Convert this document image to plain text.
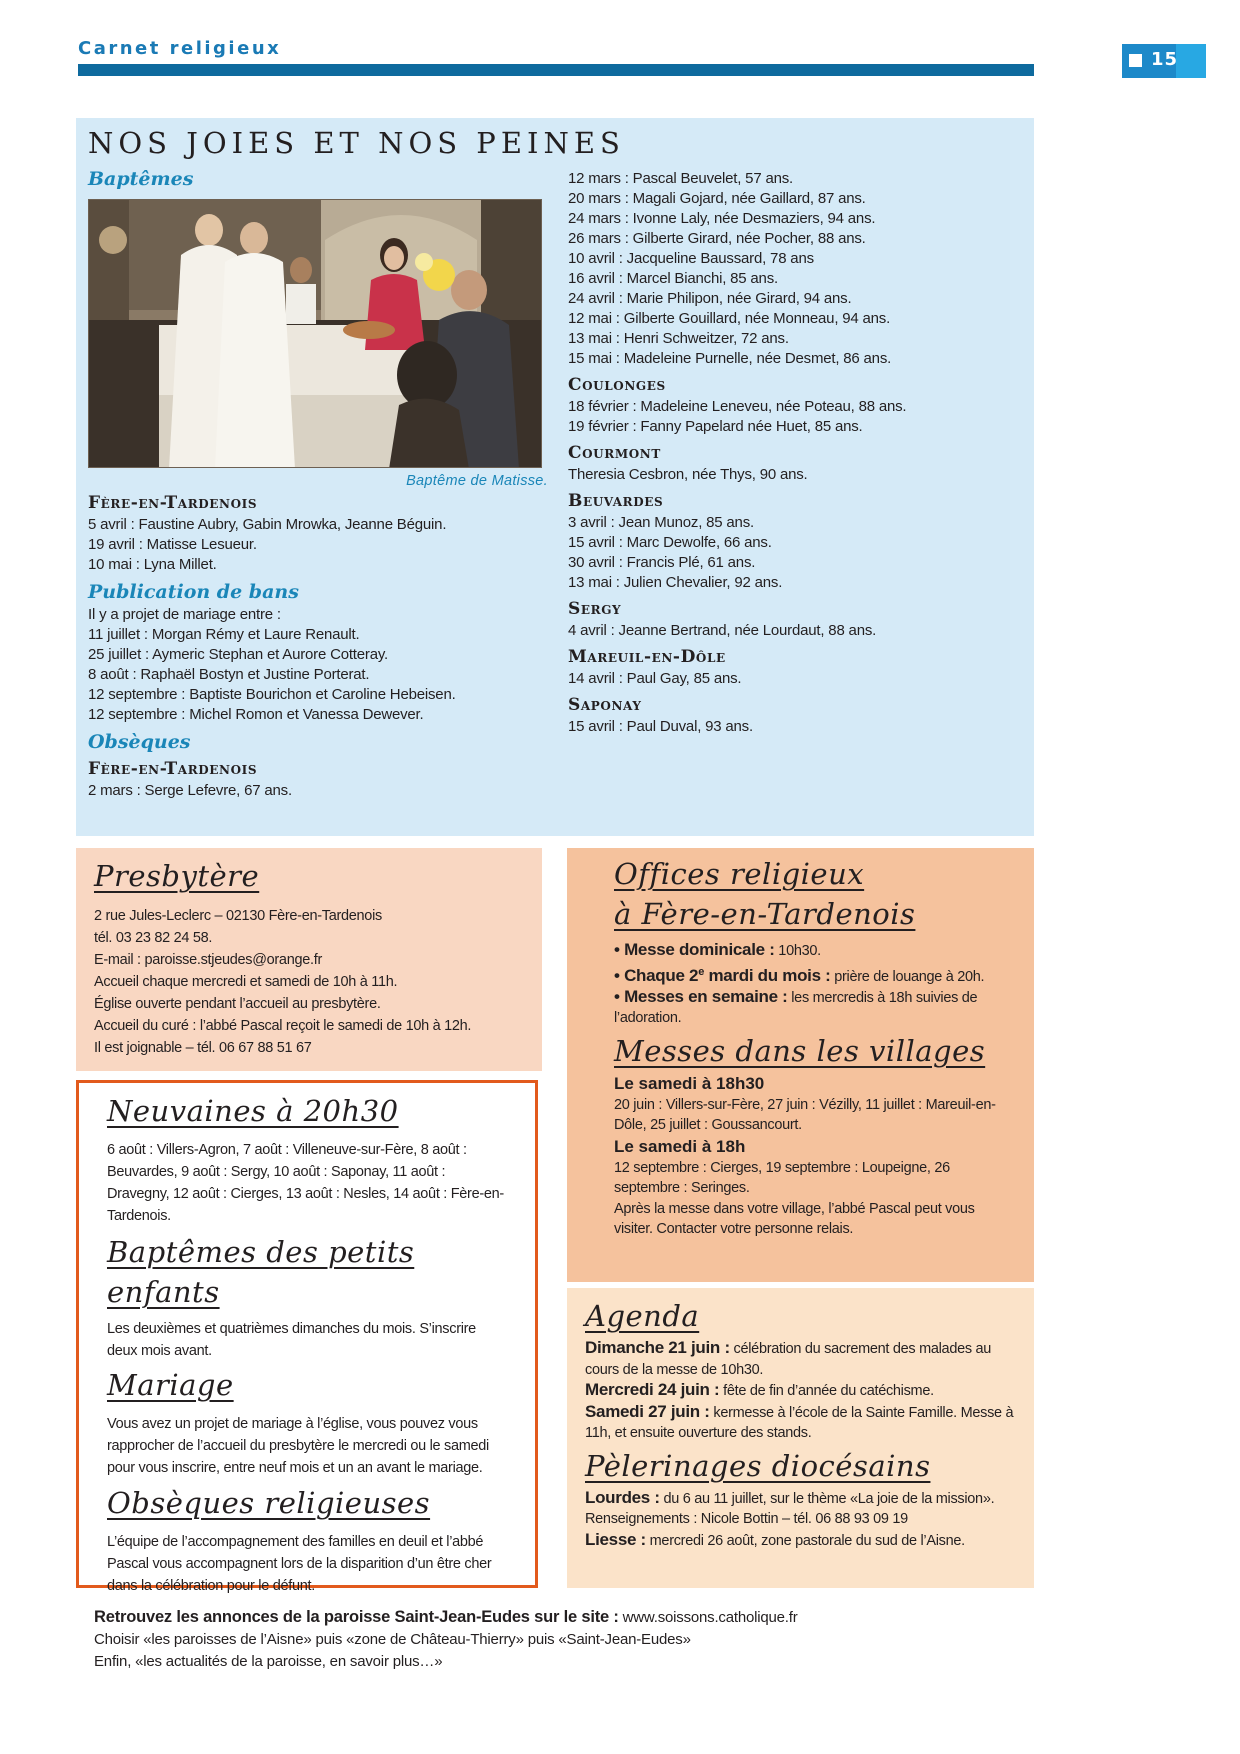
Carnet religieux
15
NOS JOIES ET NOS PEINES
Baptêmes
Baptême de Matisse.
Fère-en-Tardenois
5 avril : Faustine Aubry, Gabin Mrowka, Jeanne Béguin.
19 avril : Matisse Lesueur.
10 mai : Lyna Millet.
Publication de bans
Il y a projet de mariage entre :
11 juillet : Morgan Rémy et Laure Renault.
25 juillet : Aymeric Stephan et Aurore Cotteray.
8 août : Raphaël Bostyn et Justine Porterat.
12 septembre : Baptiste Bourichon et Caroline Hebeisen.
12 septembre : Michel Romon et Vanessa Dewever.
Obsèques
Fère-en-Tardenois
2 mars : Serge Lefevre, 67 ans.
12 mars : Pascal Beuvelet, 57 ans.
20 mars : Magali Gojard, née Gaillard, 87 ans.
24 mars : Ivonne Laly, née Desmaziers, 94 ans.
26 mars : Gilberte Girard, née Pocher, 88 ans.
10 avril : Jacqueline Baussard, 78 ans
16 avril : Marcel Bianchi, 85 ans.
24 avril : Marie Philipon, née Girard, 94 ans.
12 mai : Gilberte Gouillard, née Monneau, 94 ans.
13 mai : Henri Schweitzer, 72 ans.
15 mai : Madeleine Purnelle, née Desmet, 86 ans.
Coulonges
18 février : Madeleine Leneveu, née Poteau, 88 ans.
19 février : Fanny Papelard née Huet, 85 ans.
Courmont
Theresia Cesbron, née Thys, 90 ans.
Beuvardes
3 avril : Jean Munoz, 85 ans.
15 avril : Marc Dewolfe, 66 ans.
30 avril : Francis Plé, 61 ans.
13 mai : Julien Chevalier, 92 ans.
Sergy
4 avril : Jeanne Bertrand, née Lourdaut, 88 ans.
Mareuil-en-Dôle
14 avril : Paul Gay, 85 ans.
Saponay
15 avril : Paul Duval, 93 ans.
Presbytère
2 rue Jules-Leclerc – 02130 Fère-en-Tardenois
tél. 03 23 82 24 58.
E-mail : paroisse.stjeudes@orange.fr
Accueil chaque mercredi et samedi de 10h à 11h.
Église ouverte pendant l’accueil au presbytère.
Accueil du curé : l’abbé Pascal reçoit le samedi de 10h à 12h.
Il est joignable – tél. 06 67 88 51 67
Neuvaines à 20h30
6 août : Villers-Agron, 7 août : Villeneuve-sur-Fère, 8 août : Beuvardes, 9 août : Sergy, 10 août : Saponay, 11 août : Dravegny, 12 août : Cierges, 13 août : Nesles, 14 août : Fère-en-Tardenois.
Baptêmes des petits enfants
Les deuxièmes et quatrièmes dimanches du mois. S’inscrire deux mois avant.
Mariage
Vous avez un projet de mariage à l’église, vous pouvez vous rapprocher de l’accueil du presbytère le mercredi ou le samedi pour vous inscrire, entre neuf mois et un an avant le mariage.
Obsèques religieuses
L’équipe de l’accompagnement des familles en deuil et l’abbé Pascal vous accompagnent lors de la disparition d’un être cher dans la célébration pour le défunt.
Offices religieux
à Fère-en-Tardenois
• Messe dominicale : 10h30.
• Chaque 2e mardi du mois : prière de louange à 20h.
• Messes en semaine : les mercredis à 18h suivies de l’adoration.
Messes dans les villages
Le samedi à 18h30
20 juin : Villers-sur-Fère, 27 juin : Vézilly, 11 juillet : Mareuil-en-Dôle, 25 juillet : Goussancourt.
Le samedi à 18h
12 septembre : Cierges, 19 septembre : Loupeigne, 26 septembre : Seringes.
Après la messe dans votre village, l’abbé Pascal peut vous visiter. Contacter votre personne relais.
Agenda
Dimanche 21 juin : célébration du sacrement des malades au cours de la messe de 10h30.
Mercredi 24 juin : fête de fin d’année du catéchisme.
Samedi 27 juin : kermesse à l’école de la Sainte Famille. Messe à 11h, et ensuite ouverture des stands.
Pèlerinages diocésains
Lourdes : du 6 au 11 juillet, sur le thème «La joie de la mission». Renseignements : Nicole Bottin – tél. 06 88 93 09 19
Liesse : mercredi 26 août, zone pastorale du sud de l’Aisne.
Retrouvez les annonces de la paroisse Saint-Jean-Eudes sur le site : www.soissons.catholique.fr
Choisir «les paroisses de l’Aisne» puis «zone de Château-Thierry» puis «Saint-Jean-Eudes»
Enfin, «les actualités de la paroisse, en savoir plus…»
